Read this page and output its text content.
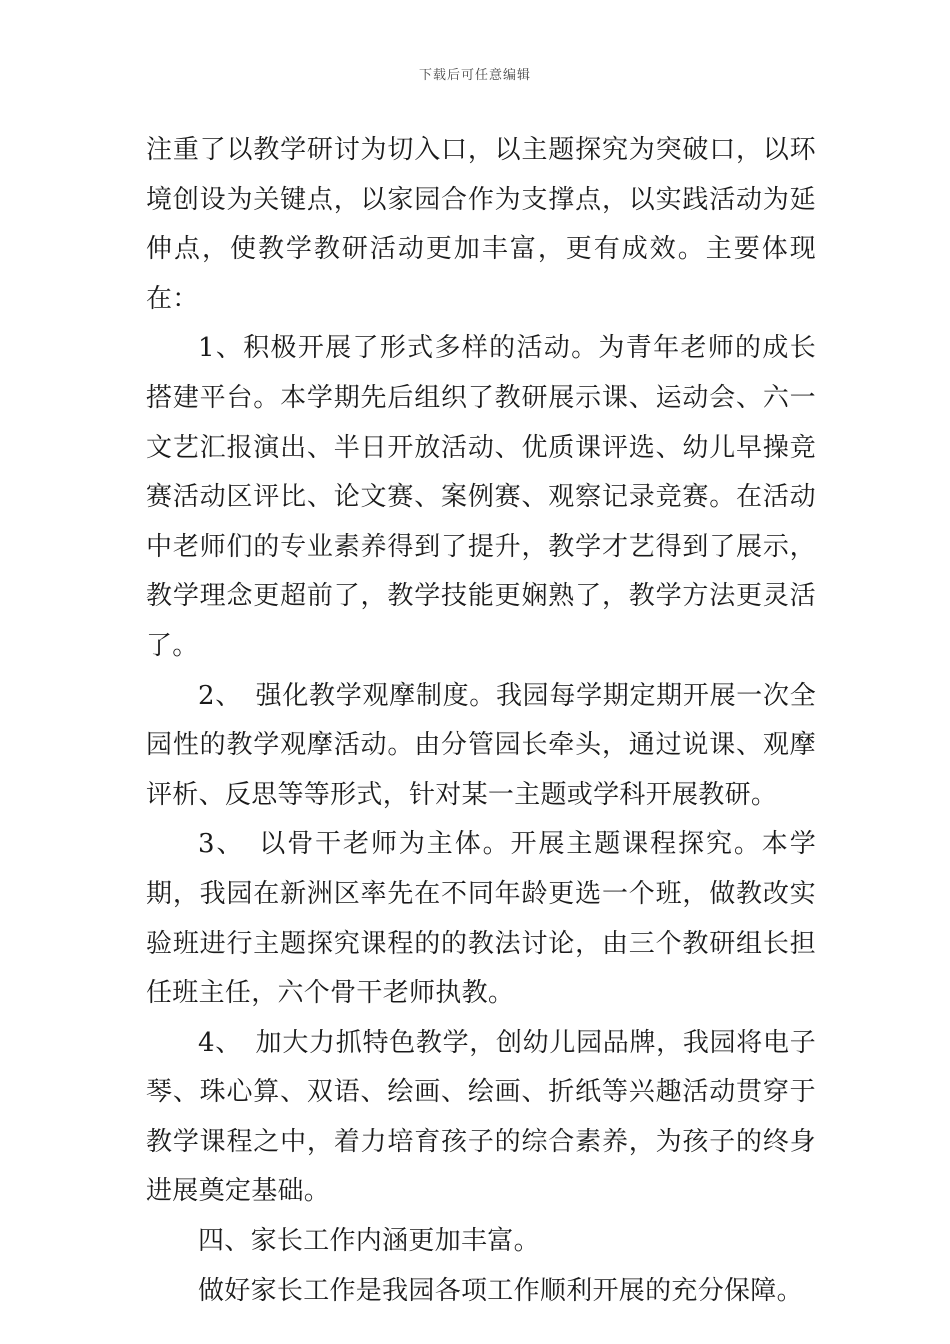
下载后可任意编辑

注重了以教学研讨为切入口，以主题探究为突破口，以环境创设为关键点，以家园合作为支撑点，以实践活动为延伸点，使教学教研活动更加丰富，更有成效。主要体现在：

1、积极开展了形式多样的活动。为青年老师的成长搭建平台。本学期先后组织了教研展示课、运动会、六一文艺汇报演出、半日开放活动、优质课评选、幼儿早操竞赛活动区评比、论文赛、案例赛、观察记录竞赛。在活动中老师们的专业素养得到了提升，教学才艺得到了展示，教学理念更超前了，教学技能更娴熟了，教学方法更灵活了。

2、　强化教学观摩制度。我园每学期定期开展一次全园性的教学观摩活动。由分管园长牵头，通过说课、观摩评析、反思等等形式，针对某一主题或学科开展教研。

3、　以骨干老师为主体。开展主题课程探究。本学期，我园在新洲区率先在不同年龄更选一个班，做教改实验班进行主题探究课程的的教法讨论，由三个教研组长担任班主任，六个骨干老师执教。

4、　加大力抓特色教学，创幼儿园品牌，我园将电子琴、珠心算、双语、绘画、绘画、折纸等兴趣活动贯穿于教学课程之中，着力培育孩子的综合素养，为孩子的终身进展奠定基础。

四、家长工作内涵更加丰富。

做好家长工作是我园各项工作顺利开展的充分保障。
